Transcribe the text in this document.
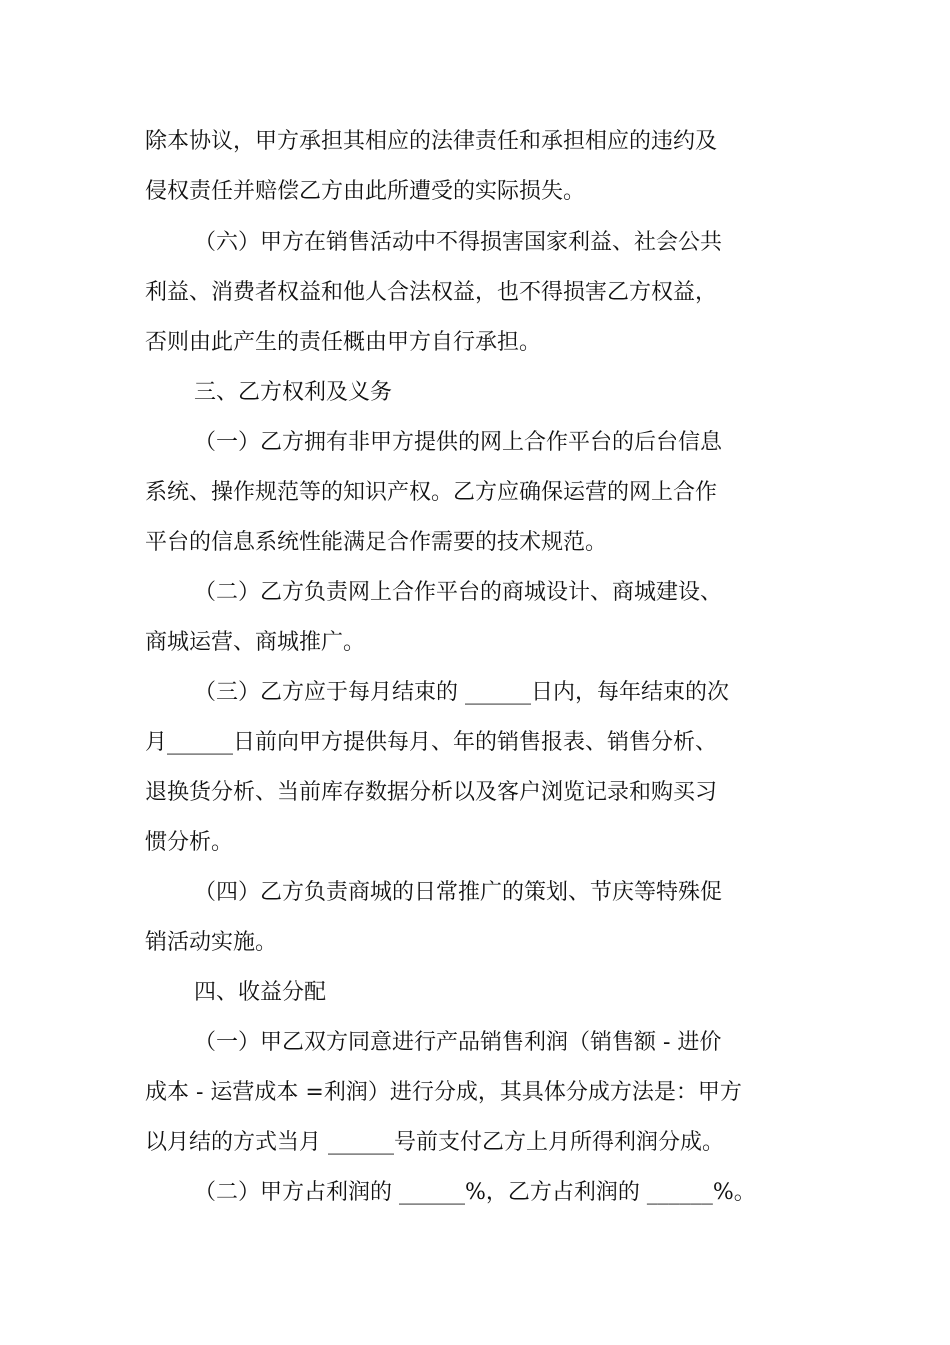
除本协议，甲方承担其相应的法律责任和承担相应的违约及
侵权责任并赔偿乙方由此所遭受的实际损失。
（六）甲方在销售活动中不得损害国家利益、社会公共
利益、消费者权益和他人合法权益，也不得损害乙方权益，
否则由此产生的责任概由甲方自行承担。
三、乙方权利及义务
（一）乙方拥有非甲方提供的网上合作平台的后台信息
系统、操作规范等的知识产权。乙方应确保运营的网上合作
平台的信息系统性能满足合作需要的技术规范。
（二）乙方负责网上合作平台的商城设计、商城建设、
商城运营、商城推广。
（三）乙方应于每月结束的 ______日内，每年结束的次
月______日前向甲方提供每月、年的销售报表、销售分析、
退换货分析、当前库存数据分析以及客户浏览记录和购买习
惯分析。
（四）乙方负责商城的日常推广的策划、节庆等特殊促
销活动实施。
四、收益分配
（一）甲乙双方同意进行产品销售利润（销售额 - 进价
成本 - 运营成本 =利润）进行分成，其具体分成方法是：甲方
以月结的方式当月 ______号前支付乙方上月所得利润分成。
（二）甲方占利润的 ______%，乙方占利润的 ______%。
